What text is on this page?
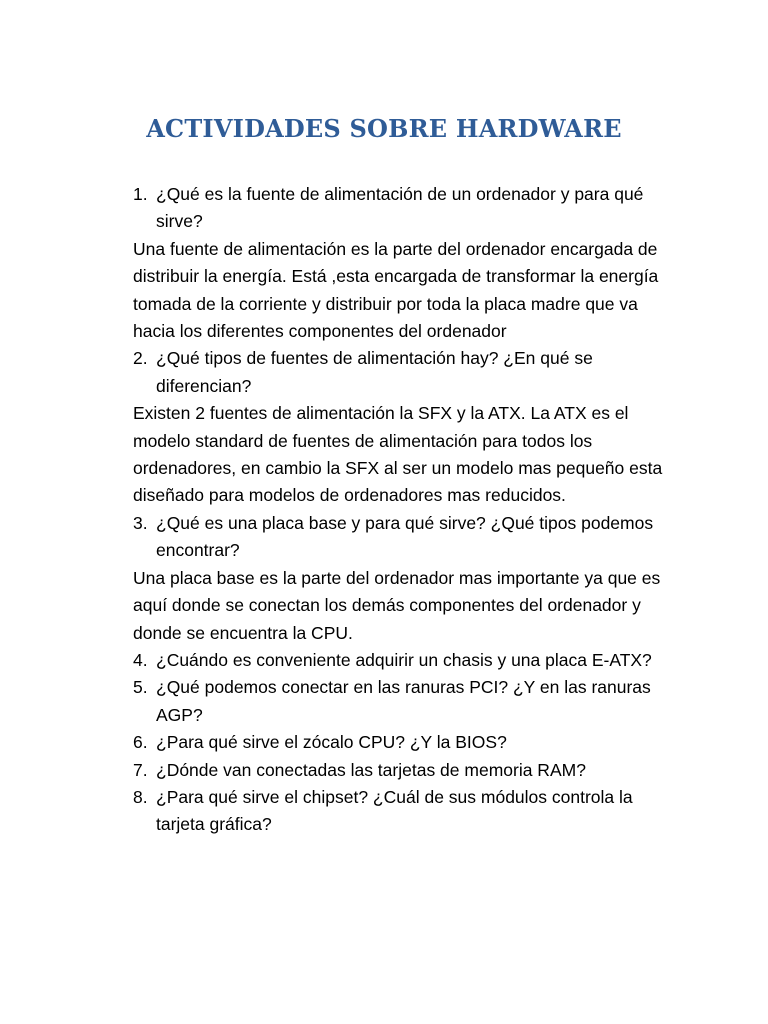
ACTIVIDADES SOBRE HARDWARE
1. ¿Qué es la fuente de alimentación de un ordenador y para qué sirve?

Una fuente de alimentación es la parte del ordenador encargada de distribuir la energía. Está ,esta encargada de transformar la energía tomada de la corriente y distribuir por toda la placa madre que va hacia los diferentes componentes del ordenador

2. ¿Qué tipos de fuentes de alimentación hay? ¿En qué se diferencian?

Existen 2 fuentes de alimentación la SFX y la ATX. La ATX es el modelo standard de fuentes de alimentación para todos los ordenadores, en cambio la SFX al ser un modelo mas pequeño esta diseñado para modelos de ordenadores mas reducidos.

3. ¿Qué es una placa base y para qué sirve? ¿Qué tipos podemos encontrar?

Una placa base es la parte del ordenador mas importante ya que es aquí donde se conectan los demás componentes del ordenador y donde se encuentra la CPU.

4. ¿Cuándo es conveniente adquirir un chasis y una placa E-ATX?
5. ¿Qué podemos conectar en las ranuras PCI? ¿Y en las ranuras AGP?
6. ¿Para qué sirve el zócalo CPU? ¿Y la BIOS?
7. ¿Dónde van conectadas las tarjetas de memoria RAM?
8. ¿Para qué sirve el chipset? ¿Cuál de sus módulos controla la tarjeta gráfica?
